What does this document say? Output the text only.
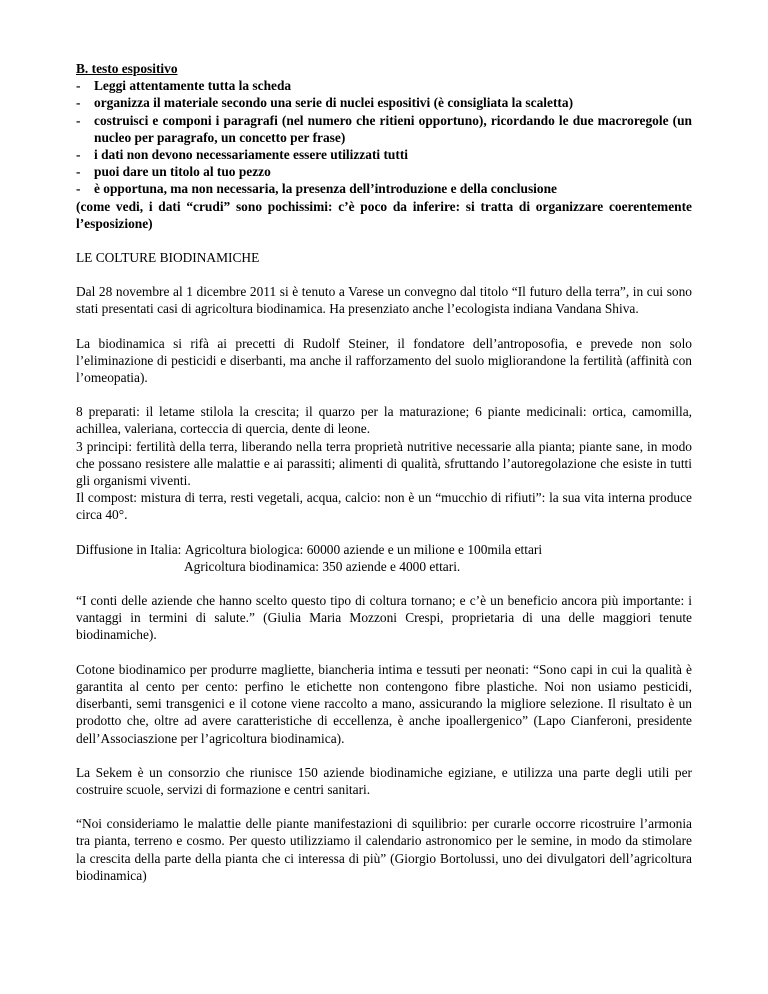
B. testo espositivo

- Leggi attentamente tutta la scheda
- organizza il materiale secondo una serie di nuclei espositivi (è consigliata la scaletta)
- costruisci e componi i paragrafi (nel numero che ritieni opportuno), ricordando le due macroregole (un nucleo per paragrafo, un concetto per frase)
- i dati non devono necessariamente essere utilizzati tutti
- puoi dare un titolo al tuo pezzo
- è opportuna, ma non necessaria, la presenza dell’introduzione e della conclusione

(come vedi, i dati “crudi” sono pochissimi: c’è poco da inferire: si tratta di organizzare coerentemente l’esposizione)

LE COLTURE BIODINAMICHE

Dal 28 novembre al 1 dicembre 2011 si è tenuto a Varese un convegno dal titolo “Il futuro della terra”, in cui sono stati presentati casi di agricoltura biodinamica. Ha presenziato anche l’ecologista indiana Vandana Shiva.

La biodinamica si rifà ai precetti di Rudolf Steiner, il fondatore dell’antroposofia, e prevede non solo l’eliminazione di pesticidi e diserbanti, ma anche il rafforzamento del suolo migliorandone la fertilità (affinità con l’omeopatia).

8 preparati: il letame stilola la crescita; il quarzo per la maturazione; 6 piante medicinali: ortica, camomilla, achillea, valeriana, corteccia di quercia, dente di leone.

3 principi: fertilità della terra, liberando nella terra proprietà nutritive necessarie alla pianta; piante sane, in modo che possano resistere alle malattie e ai parassiti; alimenti di qualità, sfruttando l’autoregolazione che esiste in tutti gli organismi viventi.

Il compost: mistura di terra, resti vegetali, acqua, calcio: non è un “mucchio di rifiuti”: la sua vita interna produce circa 40°.

Diffusione in Italia:
Agricoltura biologica: 60000 aziende e un milione e 100mila ettari
Agricoltura biodinamica: 350 aziende e 4000 ettari.

“I conti delle aziende che hanno scelto questo tipo di coltura tornano; e c’è un beneficio ancora più importante: i vantaggi in termini di salute.” (Giulia Maria Mozzoni Crespi, proprietaria di una delle maggiori tenute biodinamiche).

Cotone biodinamico per produrre magliette, biancheria intima e tessuti per neonati: “Sono capi in cui la qualità è garantita al cento per cento: perfino le etichette non contengono fibre plastiche. Noi non usiamo pesticidi, diserbanti, semi transgenici e il cotone viene raccolto a mano, assicurando la migliore selezione. Il risultato è un prodotto che, oltre ad avere caratteristiche di eccellenza, è anche ipoallergenico” (Lapo Cianferoni, presidente dell’Associaszione per l’agricoltura biodinamica).

La Sekem è un consorzio che riunisce 150 aziende biodinamiche egiziane, e utilizza una parte degli utili per costruire scuole, servizi di formazione e centri sanitari.

“Noi consideriamo le malattie delle piante manifestazioni di squilibrio: per curarle occorre ricostruire l’armonia tra pianta, terreno e cosmo. Per questo utilizziamo il calendario astronomico per le semine, in modo da stimolare la crescita della parte della pianta che ci interessa di più” (Giorgio Bortolussi, uno dei divulgatori dell’agricoltura biodinamica)
